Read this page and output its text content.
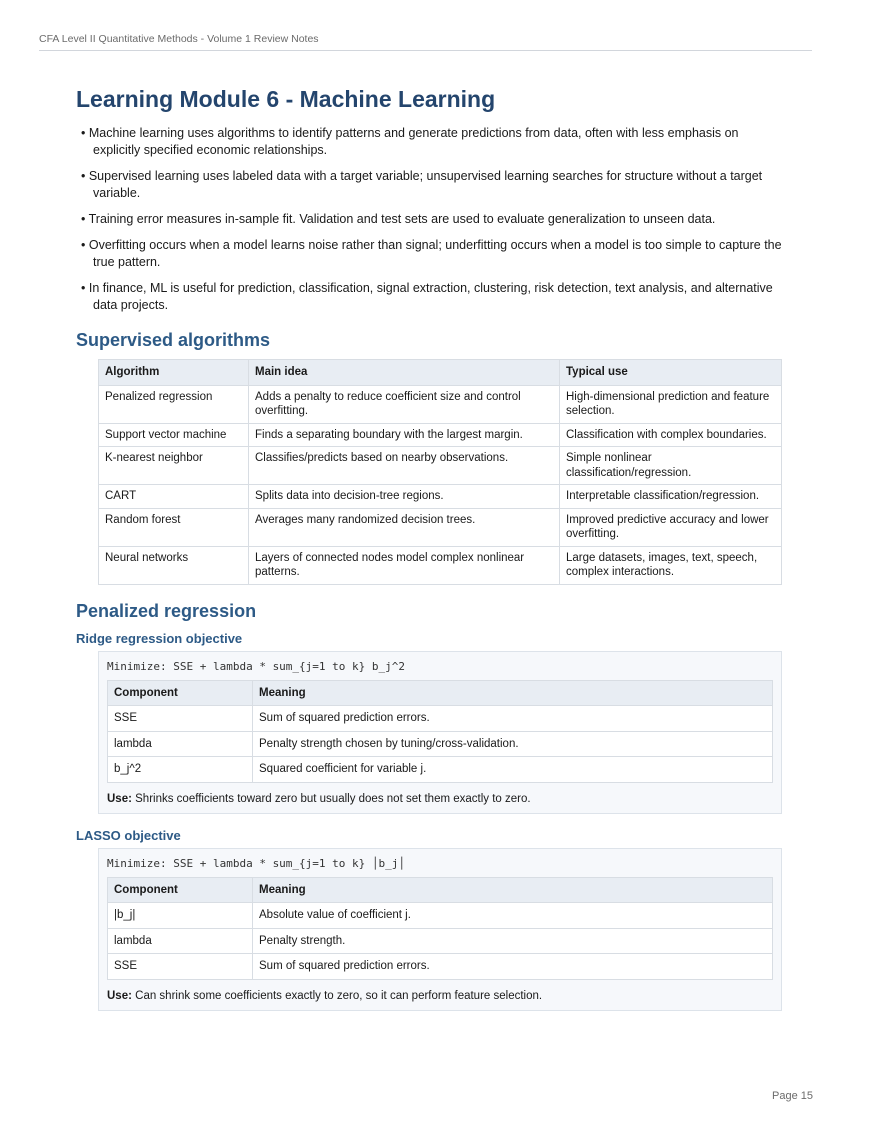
CFA Level II Quantitative Methods - Volume 1 Review Notes
Learning Module 6 - Machine Learning
• Machine learning uses algorithms to identify patterns and generate predictions from data, often with less emphasis on explicitly specified economic relationships.
• Supervised learning uses labeled data with a target variable; unsupervised learning searches for structure without a target variable.
• Training error measures in-sample fit. Validation and test sets are used to evaluate generalization to unseen data.
• Overfitting occurs when a model learns noise rather than signal; underfitting occurs when a model is too simple to capture the true pattern.
• In finance, ML is useful for prediction, classification, signal extraction, clustering, risk detection, text analysis, and alternative data projects.
Supervised algorithms
Algorithm	Main idea	Typical use
Penalized regression	Adds a penalty to reduce coefficient size and control overfitting.	High-dimensional prediction and feature selection.
Support vector machine	Finds a separating boundary with the largest margin.	Classification with complex boundaries.
K-nearest neighbor	Classifies/predicts based on nearby observations.	Simple nonlinear classification/regression.
CART	Splits data into decision-tree regions.	Interpretable classification/regression.
Random forest	Averages many randomized decision trees.	Improved predictive accuracy and lower overfitting.
Neural networks	Layers of connected nodes model complex nonlinear patterns.	Large datasets, images, text, speech, complex interactions.
Penalized regression
Ridge regression objective
Minimize: SSE + lambda * sum_{j=1 to k} b_j^2
Component	Meaning
SSE	Sum of squared prediction errors.
lambda	Penalty strength chosen by tuning/cross-validation.
b_j^2	Squared coefficient for variable j.
Use: Shrinks coefficients toward zero but usually does not set them exactly to zero.
LASSO objective
Minimize: SSE + lambda * sum_{j=1 to k} │b_j│
Component	Meaning
|b_j|	Absolute value of coefficient j.
lambda	Penalty strength.
SSE	Sum of squared prediction errors.
Use: Can shrink some coefficients exactly to zero, so it can perform feature selection.
Page 15
